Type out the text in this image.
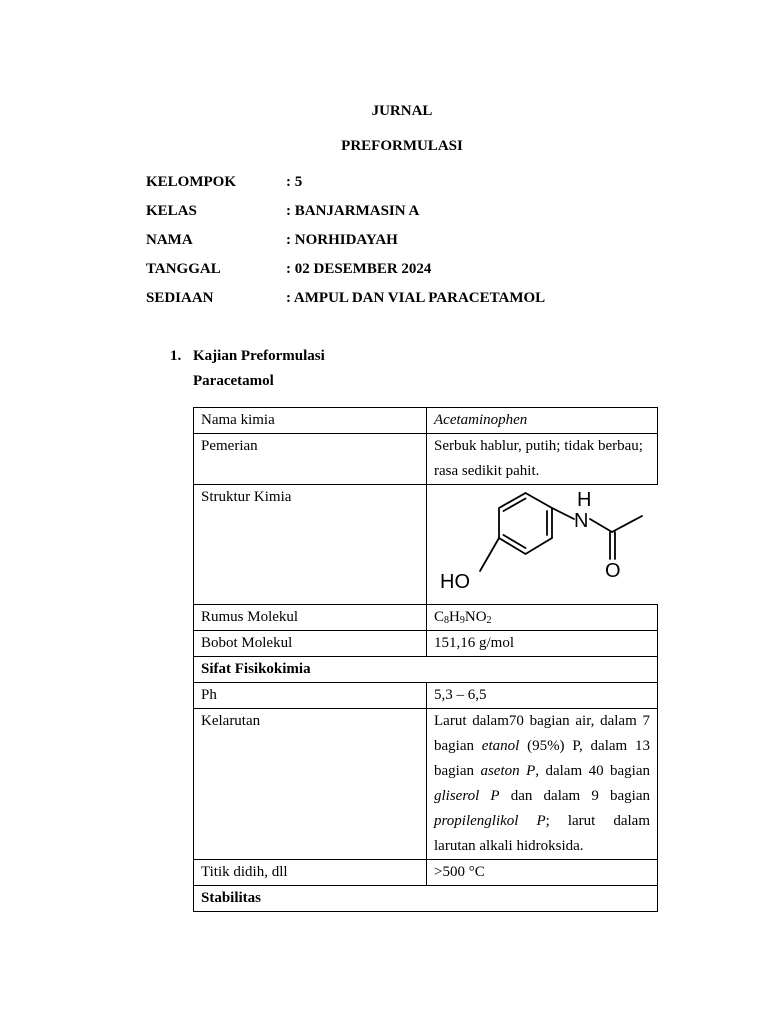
JURNAL
PREFORMULASI
KELOMPOK	: 5
KELAS	: BANJARMASIN A
NAMA	: NORHIDAYAH
TANGGAL	: 02 DESEMBER 2024
SEDIAAN	: AMPUL DAN VIAL PARACETAMOL
1. Kajian Preformulasi
Paracetamol
Nama kimia	Acetaminophen
Pemerian	Serbuk hablur, putih; tidak berbau; rasa sedikit pahit.
Struktur Kimia	H
N
O
HO

Rumus Molekul	$C_8H_9NO_2$
Bobot Molekul	151,16 g/mol
Sifat Fisikokimia	
Ph	5,3 – 6,5
Kelarutan	Larut dalam70 bagian air, dalam 7 bagian etanol (95%) P, dalam 13 bagian aseton P, dalam 40 bagian gliserol P dan dalam 9 bagian propilenglikol P; larut dalam larutan alkali hidroksida.
Titik didih, dll	>500 °C
Stabilitas	
